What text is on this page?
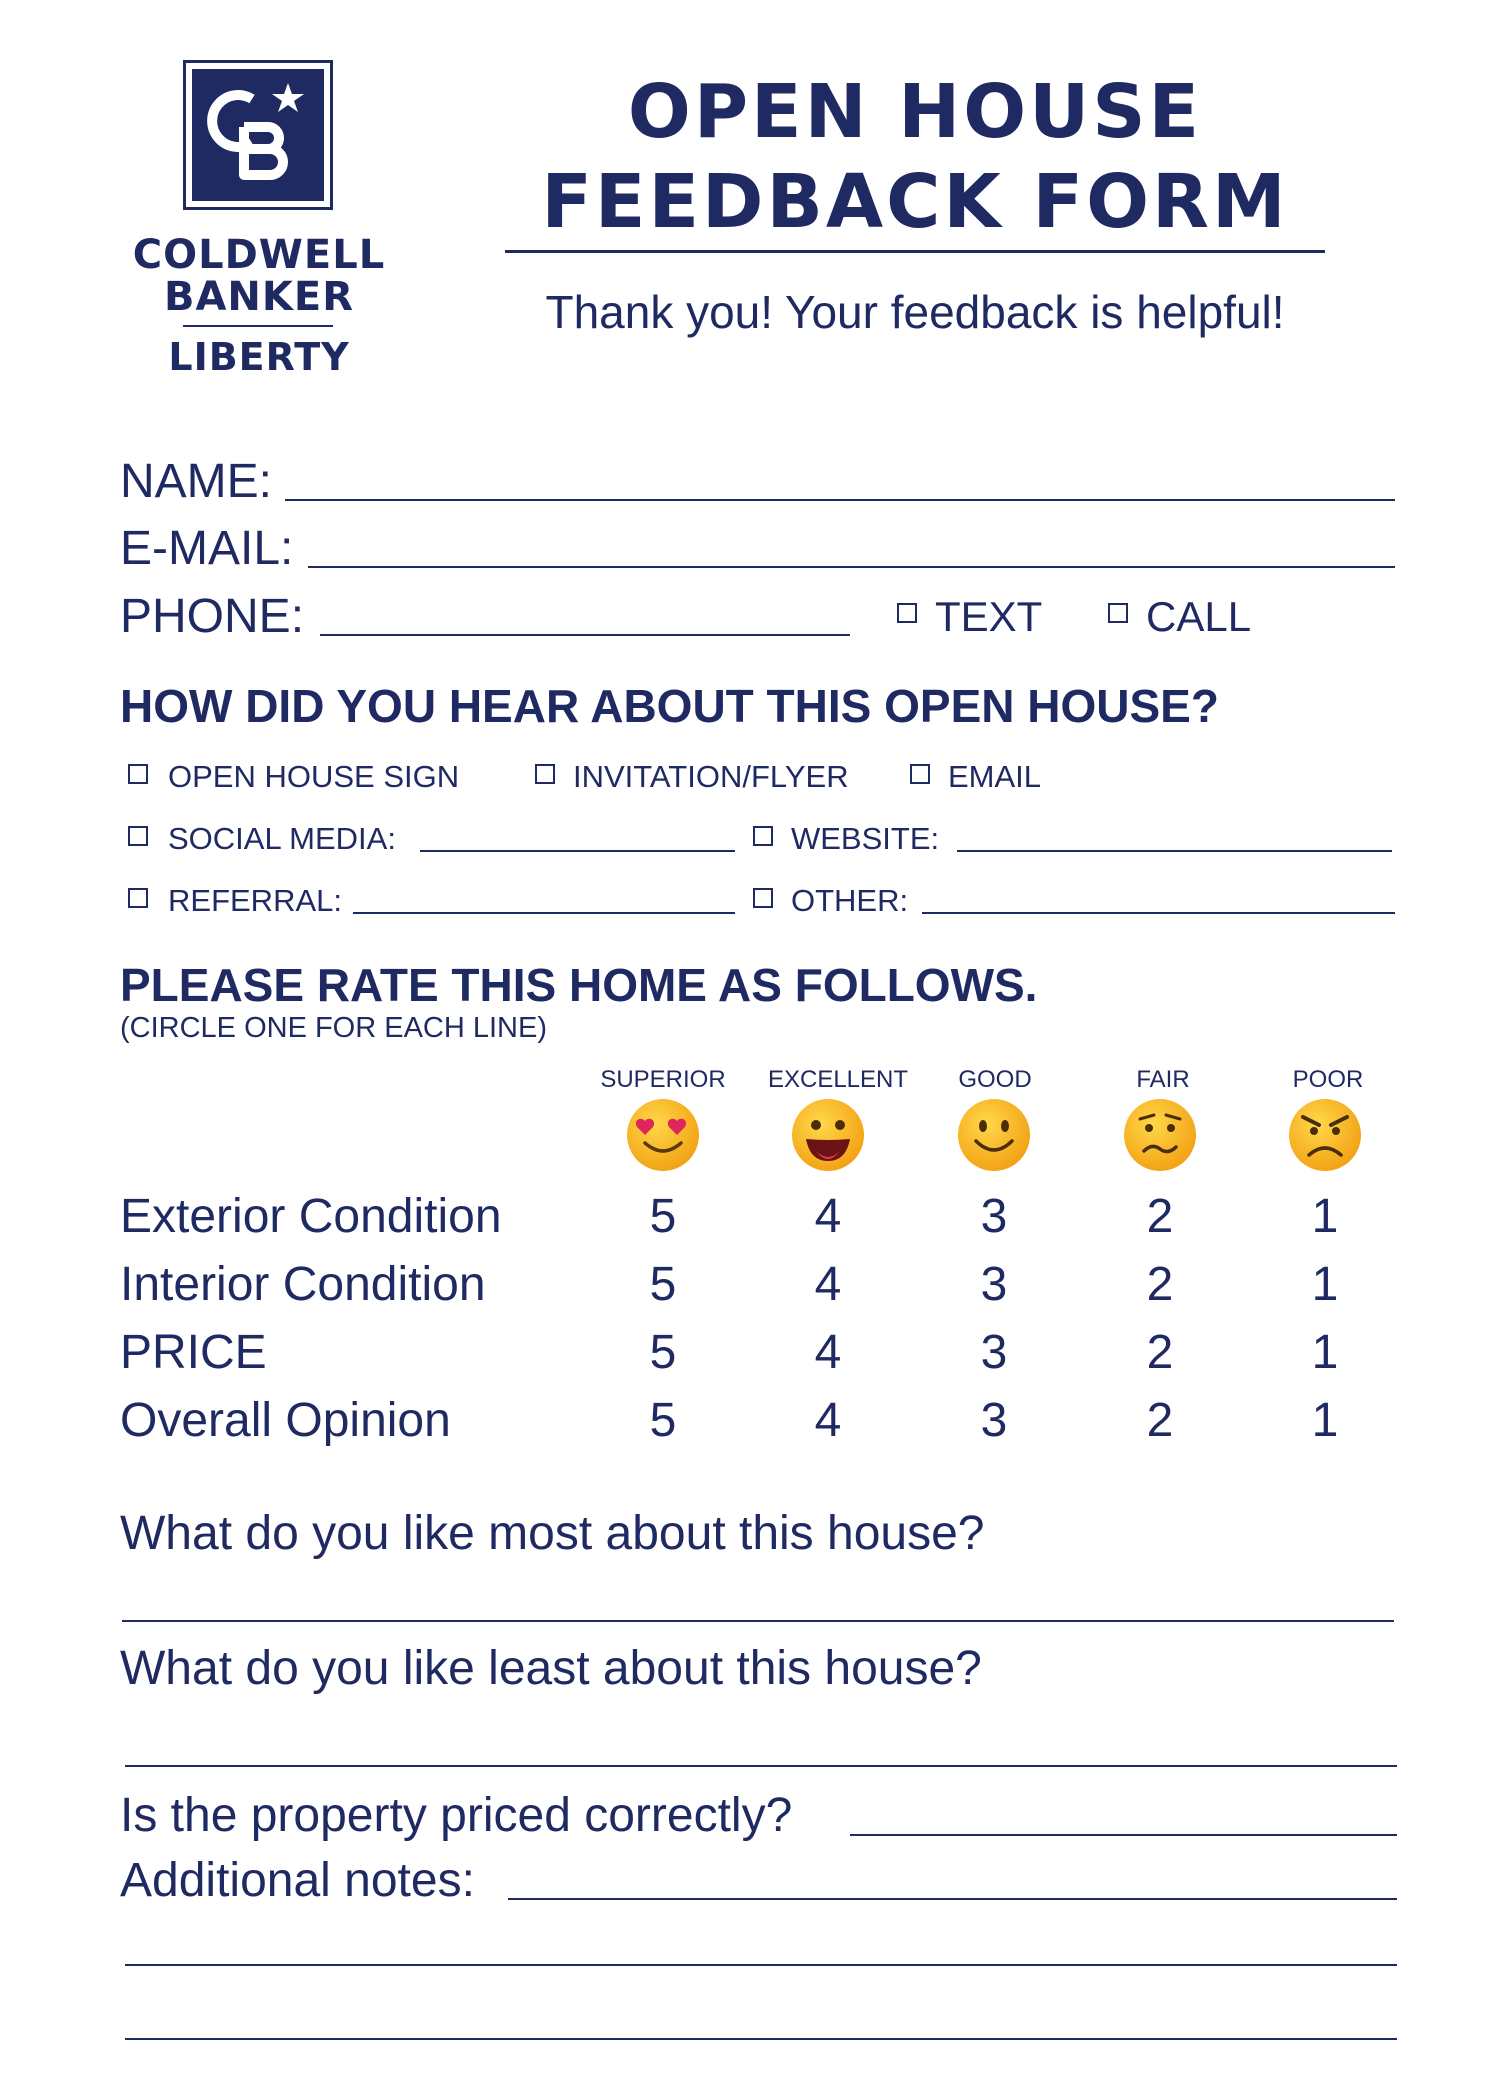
COLDWELL
BANKER
LIBERTY
OPEN HOUSE
FEEDBACK FORM
Thank you! Your feedback is helpful!
NAME:
E-MAIL:
PHONE:	TEXT CALL
HOW DID YOU HEAR ABOUT THIS OPEN HOUSE?
OPEN HOUSE SIGN	INVITATION/FLYER	EMAIL
SOCIAL MEDIA:	WEBSITE:
REFERRAL:	OTHER:
PLEASE RATE THIS HOME AS FOLLOWS.
(CIRCLE ONE FOR EACH LINE)
SUPERIOR	EXCELLENT	GOOD	FAIR	POOR
Exterior Condition	5	4	3	2	1
Interior Condition	5	4	3	2	1
PRICE	5	4	3	2	1
Overall Opinion	5	4	3	2	1
What do you like most about this house?
What do you like least about this house?
Is the property priced correctly?
Additional notes:
